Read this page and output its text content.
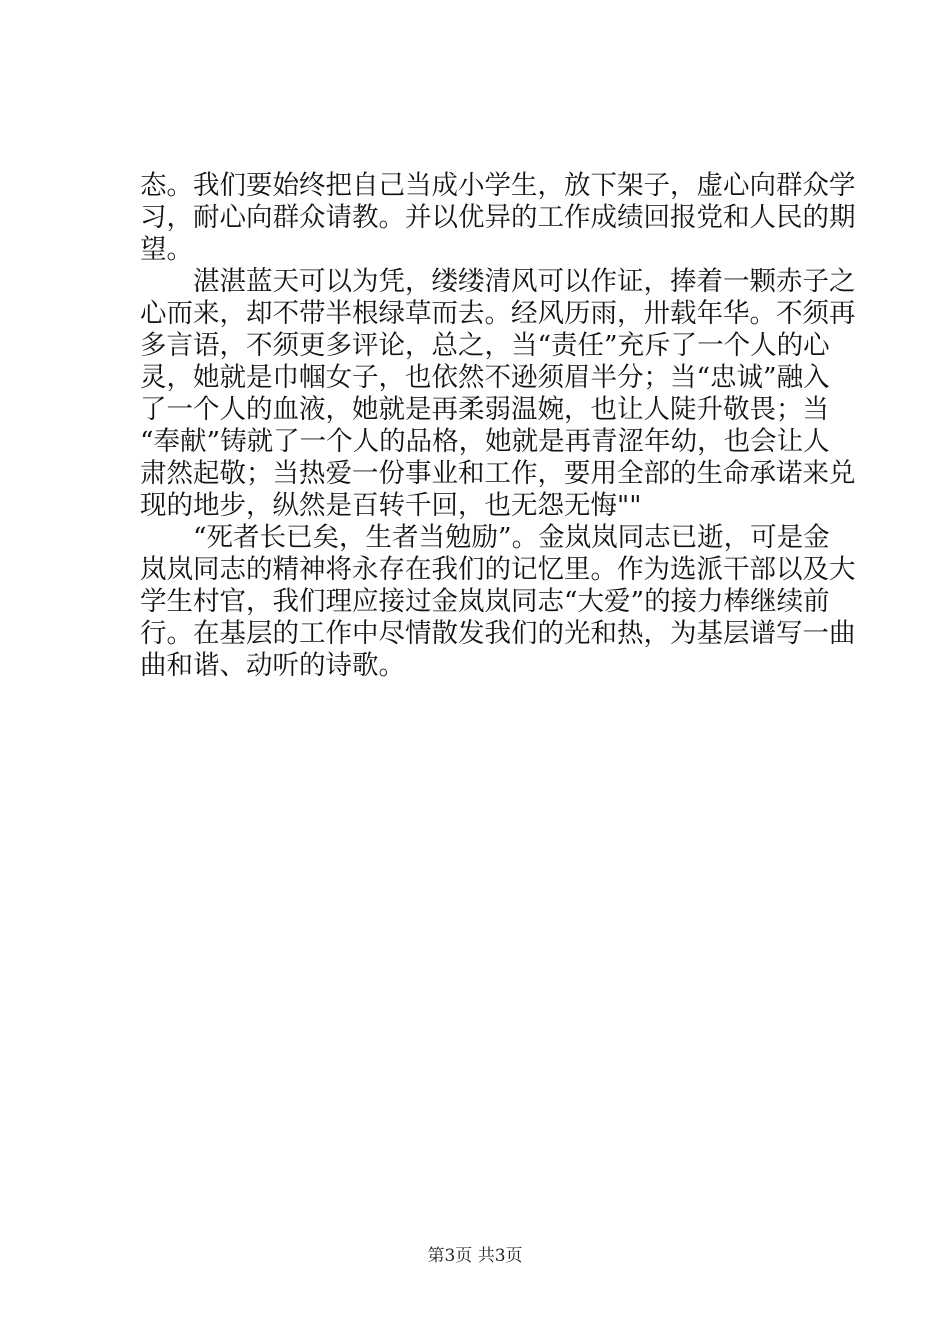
态。我们要始终把自己当成小学生，放下架子，虚心向群众学
习，耐心向群众请教。并以优异的工作成绩回报党和人民的期
望。

湛湛蓝天可以为凭，缕缕清风可以作证，捧着一颗赤子之
心而来，却不带半根绿草而去。经风历雨，卅载年华。不须再
多言语，不须更多评论，总之，当“责任”充斥了一个人的心
灵，她就是巾帼女子，也依然不逊须眉半分；当“忠诚”融入
了一个人的血液，她就是再柔弱温婉，也让人陡升敬畏；当
“奉献”铸就了一个人的品格，她就是再青涩年幼，也会让人
肃然起敬；当热爱一份事业和工作，要用全部的生命承诺来兑
现的地步，纵然是百转千回，也无怨无悔""

“死者长已矣，生者当勉励”。金岚岚同志已逝，可是金
岚岚同志的精神将永存在我们的记忆里。作为选派干部以及大
学生村官，我们理应接过金岚岚同志“大爱”的接力棒继续前
行。在基层的工作中尽情散发我们的光和热，为基层谱写一曲
曲和谐、动听的诗歌。

第3页 共3页
